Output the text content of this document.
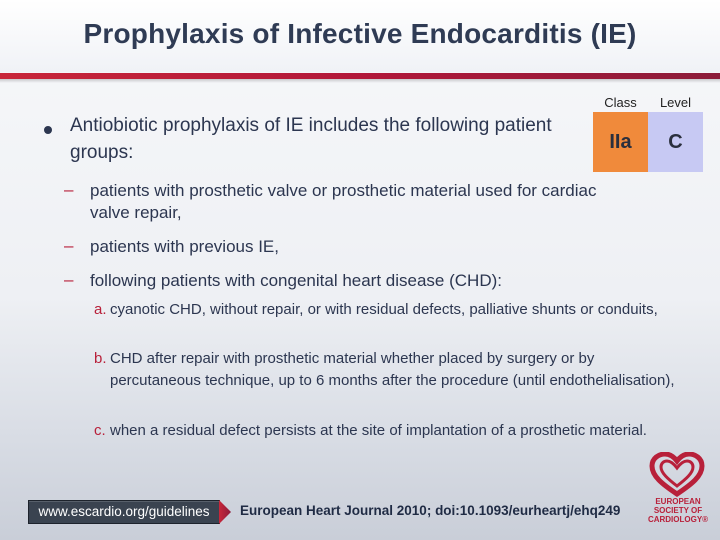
Prophylaxis of Infective Endocarditis (IE)
Class	Level
IIa	C
Antiobiotic prophylaxis of IE includes the following patient groups:
– patients with prosthetic valve or prosthetic material used for cardiac valve repair,
– patients with previous IE,
– following patients with congenital heart disease (CHD):
a. cyanotic CHD, without repair, or with residual defects, palliative shunts or conduits,
b. CHD after repair with prosthetic material whether placed by surgery or by percutaneous technique, up to 6 months after the procedure (until endothelialisation),
c. when a residual defect persists at the site of implantation of a prosthetic material.
www.escardio.org/guidelines	European Heart Journal 2010; doi:10.1093/eurheartj/ehq249
EUROPEAN
SOCIETY OF
CARDIOLOGY®
